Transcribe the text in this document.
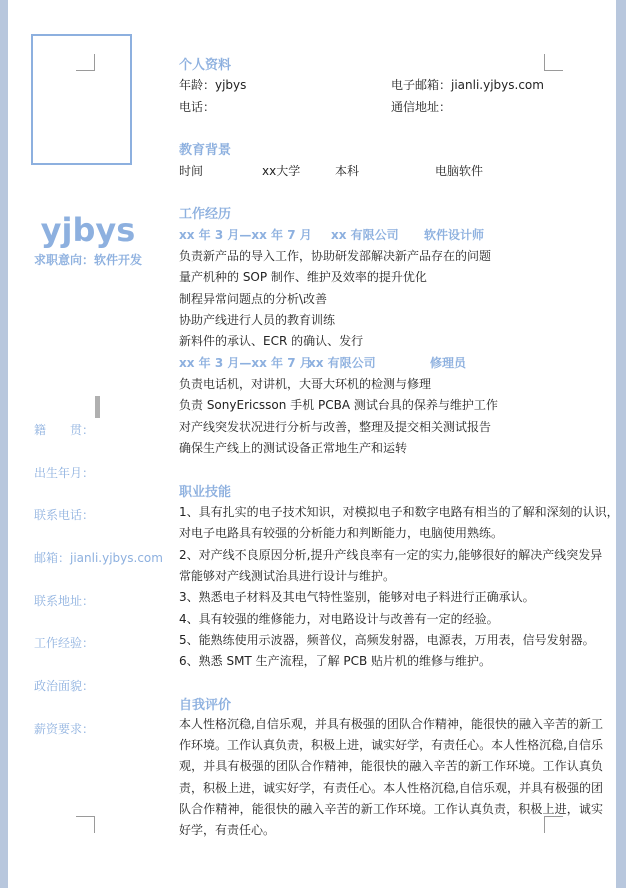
yjbys
求职意向：软件开发
籍　　贯：
出生年月：
联系电话：
邮箱：jianli.yjbys.com
联系地址：
工作经验：
政治面貌：
薪资要求：
个人资料
年龄：yjbys	电子邮箱：jianli.yjbys.com
电话：	通信地址：
教育背景
时间	xx大学	本科	电脑软件
工作经历
xx 年 3 月—xx 年 7 月 xx 有限公司 软件设计师
负责新产品的导入工作，协助研发部解决新产品存在的问题
量产机种的 SOP 制作、维护及效率的提升优化
制程异常问题点的分析\改善
协助产线进行人员的教育训练
新料件的承认、ECR 的确认、发行
xx 年 3 月—xx 年 7 月
xx 有限公司	修理员
负责电话机，对讲机，大哥大环机的检测与修理
负责 SonyEricsson 手机 PCBA 测试台具的保养与维护工作
对产线突发状况进行分析与改善，整理及提交相关测试报告
确保生产线上的测试设备正常地生产和运转
职业技能
1、具有扎实的电子技术知识，对模拟电子和数字电路有相当的了解和深刻的认识，
对电子电路具有较强的分析能力和判断能力，电脑使用熟练。
2、对产线不良原因分析,提升产线良率有一定的实力,能够很好的解决产线突发异
常能够对产线测试治具进行设计与维护。
3、熟悉电子材料及其电气特性鉴别，能够对电子料进行正确承认。
4、具有较强的维修能力，对电路设计与改善有一定的经验。
5、能熟练使用示波器，频普仪，高频发射器，电源表，万用表，信号发射器。
6、熟悉 SMT 生产流程，了解 PCB 贴片机的维修与维护。
自我评价
本人性格沉稳,自信乐观，并具有极强的团队合作精神，能很快的融入辛苦的新工作环境。工作认真负责，积极上进，诚实好学，有责任心。本人性格沉稳,自信乐观，并具有极强的团队合作精神，能很快的融入辛苦的新工作环境。工作认真负责，积极上进，诚实好学，有责任心。本人性格沉稳,自信乐观，并具有极强的团队合作精神，能很快的融入辛苦的新工作环境。工作认真负责，积极上进，诚实好学，有责任心。
